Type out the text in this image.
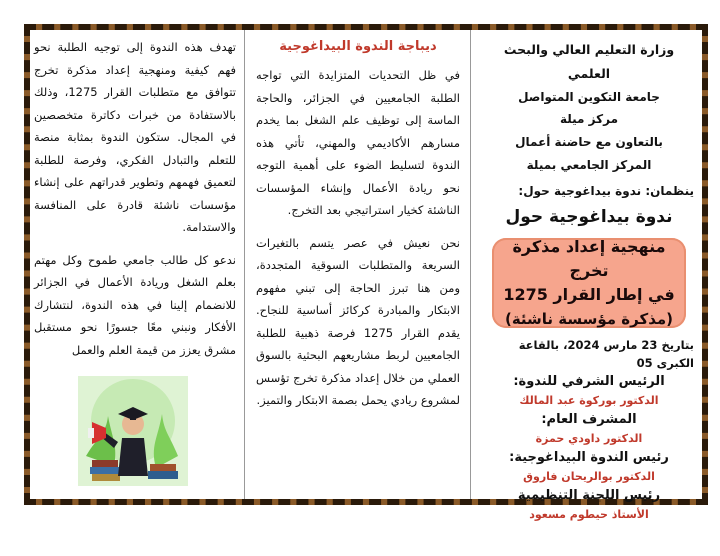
وزارة التعليم العالي والبحث العلمي
جامعة التكوين المتواصل
مركز ميلة
بالتعاون مع حاضنة أعمال
المركز الجامعي بميلة
ينظمان: ندوة بيداغوجية حول:
ندوة بيداغوجية حول
منهجية إعداد مذكرة تخرج
في إطار القرار 1275
(مذكرة مؤسسة ناشئة)
بتاريخ 23 مارس 2024، بالقاعة الكبرى 05
الرئيس الشرفي للندوة:
الدكتور بوركوة عبد المالك
المشرف العام:
الدكتور داودي حمزة
رئيس الندوة البيداغوجية:
الدكتور بوالريحان فاروق
رئيس اللجنة التنظيمية
الأستاذ حيطوم مسعود
ديباجة الندوة البيداغوجية

في ظل التحديات المتزايدة التي تواجه الطلبة الجامعيين في الجزائر، والحاجة الماسة إلى توظيف علم الشغل بما يخدم مسارهم الأكاديمي والمهني، تأتي هذه الندوة لتسليط الضوء على أهمية التوجه نحو ريادة الأعمال وإنشاء المؤسسات الناشئة كخيار استراتيجي بعد التخرج.

نحن نعيش في عصر يتسم بالتغيرات السريعة والمتطلبات السوقية المتجددة، ومن هنا تبرز الحاجة إلى تبني مفهوم الابتكار والمبادرة كركائز أساسية للنجاح. يقدم القرار 1275 فرصة ذهبية للطلبة الجامعيين لربط مشاريعهم البحثية بالسوق العملي من خلال إعداد مذكرة تخرج تؤسس لمشروع ريادي يحمل بصمة الابتكار والتميز.

تهدف هذه الندوة إلى توجيه الطلبة نحو فهم كيفية ومنهجية إعداد مذكرة تخرج تتوافق مع متطلبات القرار 1275، وذلك بالاستفادة من خبرات دكاترة متخصصين في المجال. ستكون الندوة بمثابة منصة للتعلم والتبادل الفكري، وفرصة للطلبة لتعميق فهمهم وتطوير قدراتهم على إنشاء مؤسسات ناشئة قادرة على المنافسة والاستدامة.

ندعو كل طالب جامعي طموح وكل مهتم بعلم الشغل وريادة الأعمال في الجزائر للانضمام إلينا في هذه الندوة، لنتشارك الأفكار ونبني معًا جسورًا نحو مستقبل مشرق يعزز من قيمة العلم والعمل
